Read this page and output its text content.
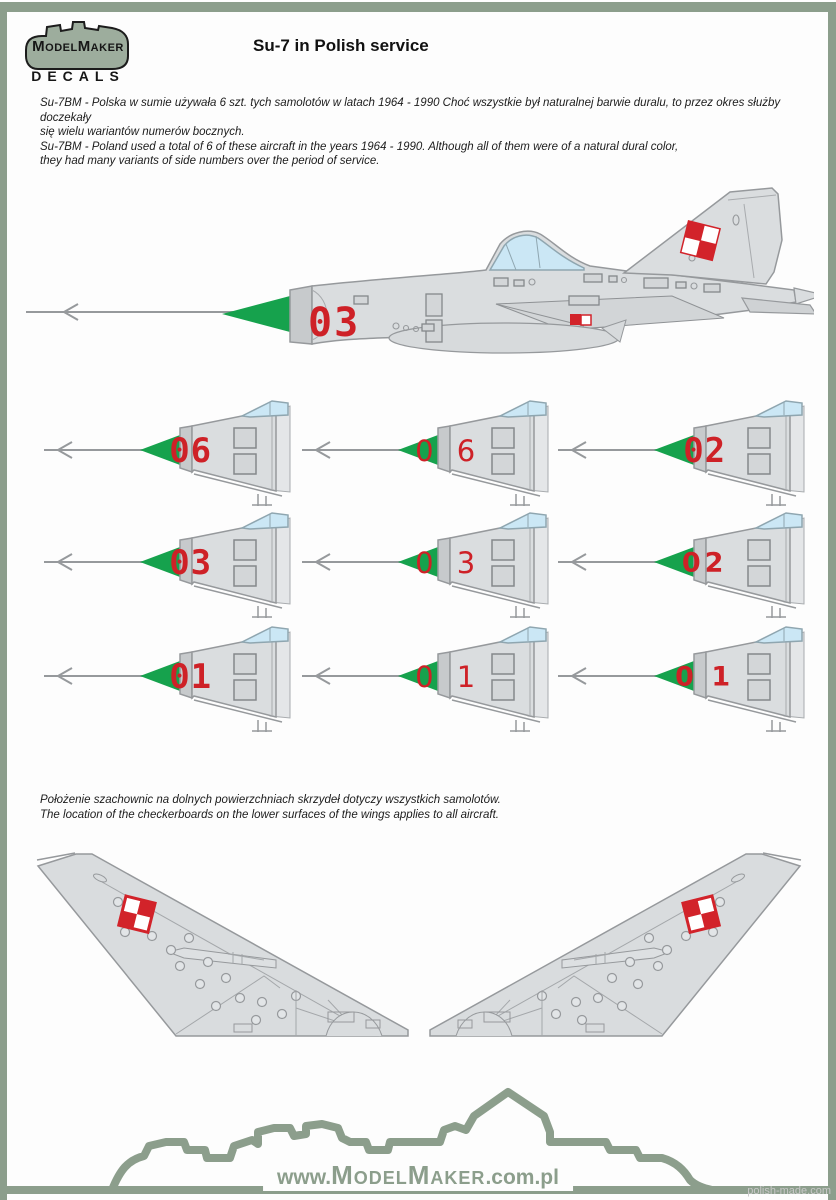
ModelMaker
DECALS
Su-7 in Polish service
Su-7BM - Polska w sumie używała 6 szt. tych samolotów w latach 1964 - 1990 Choć wszystkie był naturalnej barwie duralu, to przez okres służby doczekały
się wielu wariantów numerów bocznych.
Su-7BM - Poland used a total of 6 of these aircraft in the years 1964 - 1990. Although all of them were of a natural dural color,
they had many variants of side numbers over the period of service.
03
06	0 6	02
03	0 3	02
01	0 1	0 1
Położenie szachownic na dolnych powierzchniach skrzydeł dotyczy wszystkich samolotów.
The location of the checkerboards on the lower surfaces of the wings applies to all aircraft.
www.ModelMaker.com.pl
polish-made.com
